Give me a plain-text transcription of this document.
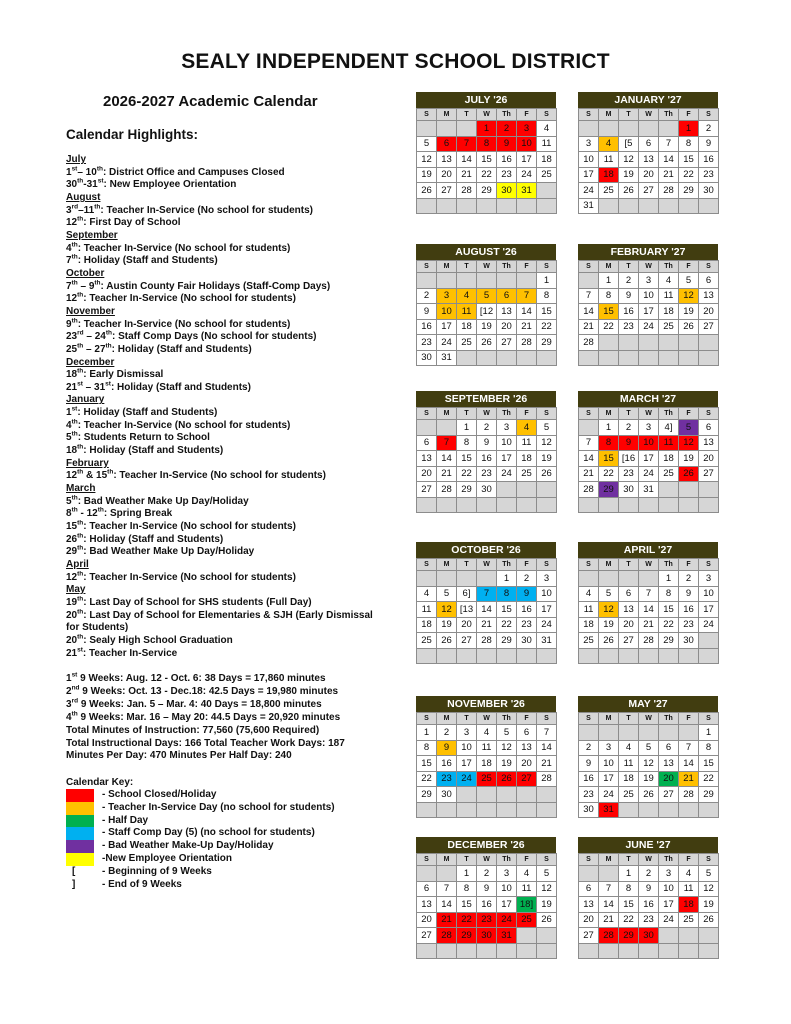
SEALY INDEPENDENT SCHOOL DISTRICT
2026-2027 Academic Calendar
Calendar Highlights:
July
1st– 10th: District Office and Campuses Closed
30th-31st: New Employee Orientation
August
3rd–11th: Teacher In-Service (No school for students)
12th: First Day of School
September
4th: Teacher In-Service (No school for students)
7th: Holiday (Staff and Students)
October
7th – 9th: Austin County Fair Holidays (Staff-Comp Days)
12th: Teacher In-Service (No school for students)
November
9th: Teacher In-Service (No school for students)
23rd – 24th: Staff Comp Days (No school for students)
25th – 27th: Holiday (Staff and Students)
December
18th: Early Dismissal
21st – 31st: Holiday (Staff and Students)
January
1st: Holiday (Staff and Students)
4th: Teacher In-Service (No school for students)
5th: Students Return to School
18th: Holiday (Staff and Students)
February
12th & 15th: Teacher In-Service (No school for students)
March
5th: Bad Weather Make Up Day/Holiday
8th - 12th: Spring Break
15th: Teacher In-Service (No school for students)
26th: Holiday (Staff and Students)
29th: Bad Weather Make Up Day/Holiday
April
12th: Teacher In-Service (No school for students)
May
19th: Last Day of School for SHS students (Full Day)
20th: Last Day of School for Elementaries & SJH (Early Dismissal for Students)
20th: Sealy High School Graduation
21st: Teacher In-Service
1st 9 Weeks: Aug. 12 - Oct. 6: 38 Days = 17,860 minutes
2nd 9 Weeks: Oct. 13 - Dec.18: 42.5 Days = 19,980 minutes
3rd 9 Weeks: Jan. 5 – Mar. 4: 40 Days = 18,800 minutes
4th 9 Weeks: Mar. 16 – May 20: 44.5 Days = 20,920 minutes
Total Minutes of Instruction: 77,560 (75,600 Required)
Total Instructional Days: 166 Total Teacher Work Days: 187
Minutes Per Day: 470 Minutes Per Half Day: 240
Calendar Key:
- School Closed/Holiday
- Teacher In-Service Day (no school for students)
- Half Day
- Staff Comp Day (5) (no school for students)
- Bad Weather Make-Up Day/Holiday
-New Employee Orientation
[	- Beginning of 9 Weeks
]	- End of 9 Weeks
JULY '26
S	M	T	W	Th	F	S
			1	2	3	4
5	6	7	8	9	10	11
12	13	14	15	16	17	18
19	20	21	22	23	24	25
26	27	28	29	30	31	

JANUARY '27
S	M	T	W	Th	F	S
					1	2
3	4	[5	6	7	8	9
10	11	12	13	14	15	16
17	18	19	20	21	22	23
24	25	26	27	28	29	30
31						
AUGUST '26
S	M	T	W	Th	F	S
						1
2	3	4	5	6	7	8
9	10	11	[12	13	14	15
16	17	18	19	20	21	22
23	24	25	26	27	28	29
30	31					
FEBRUARY '27
S	M	T	W	Th	F	S
	1	2	3	4	5	6
7	8	9	10	11	12	13
14	15	16	17	18	19	20
21	22	23	24	25	26	27
28						

SEPTEMBER '26
S	M	T	W	Th	F	S
		1	2	3	4	5
6	7	8	9	10	11	12
13	14	15	16	17	18	19
20	21	22	23	24	25	26
27	28	29	30			

MARCH '27
S	M	T	W	Th	F	S
	1	2	3	4]	5	6
7	8	9	10	11	12	13
14	15	[16	17	18	19	20
21	22	23	24	25	26	27
28	29	30	31			

OCTOBER '26
S	M	T	W	Th	F	S
				1	2	3
4	5	6]	7	8	9	10
11	12	[13	14	15	16	17
18	19	20	21	22	23	24
25	26	27	28	29	30	31

APRIL '27
S	M	T	W	Th	F	S
				1	2	3
4	5	6	7	8	9	10
11	12	13	14	15	16	17
18	19	20	21	22	23	24
25	26	27	28	29	30	

NOVEMBER '26
S	M	T	W	Th	F	S
1	2	3	4	5	6	7
8	9	10	11	12	13	14
15	16	17	18	19	20	21
22	23	24	25	26	27	28
29	30					

MAY '27
S	M	T	W	Th	F	S
						1
2	3	4	5	6	7	8
9	10	11	12	13	14	15
16	17	18	19	20	21	22
23	24	25	26	27	28	29
30	31					
DECEMBER '26
S	M	T	W	Th	F	S
		1	2	3	4	5
6	7	8	9	10	11	12
13	14	15	16	17	18]	19
20	21	22	23	24	25	26
27	28	29	30	31		

JUNE '27
S	M	T	W	Th	F	S
		1	2	3	4	5
6	7	8	9	10	11	12
13	14	15	16	17	18	19
20	21	22	23	24	25	26
27	28	29	30			
